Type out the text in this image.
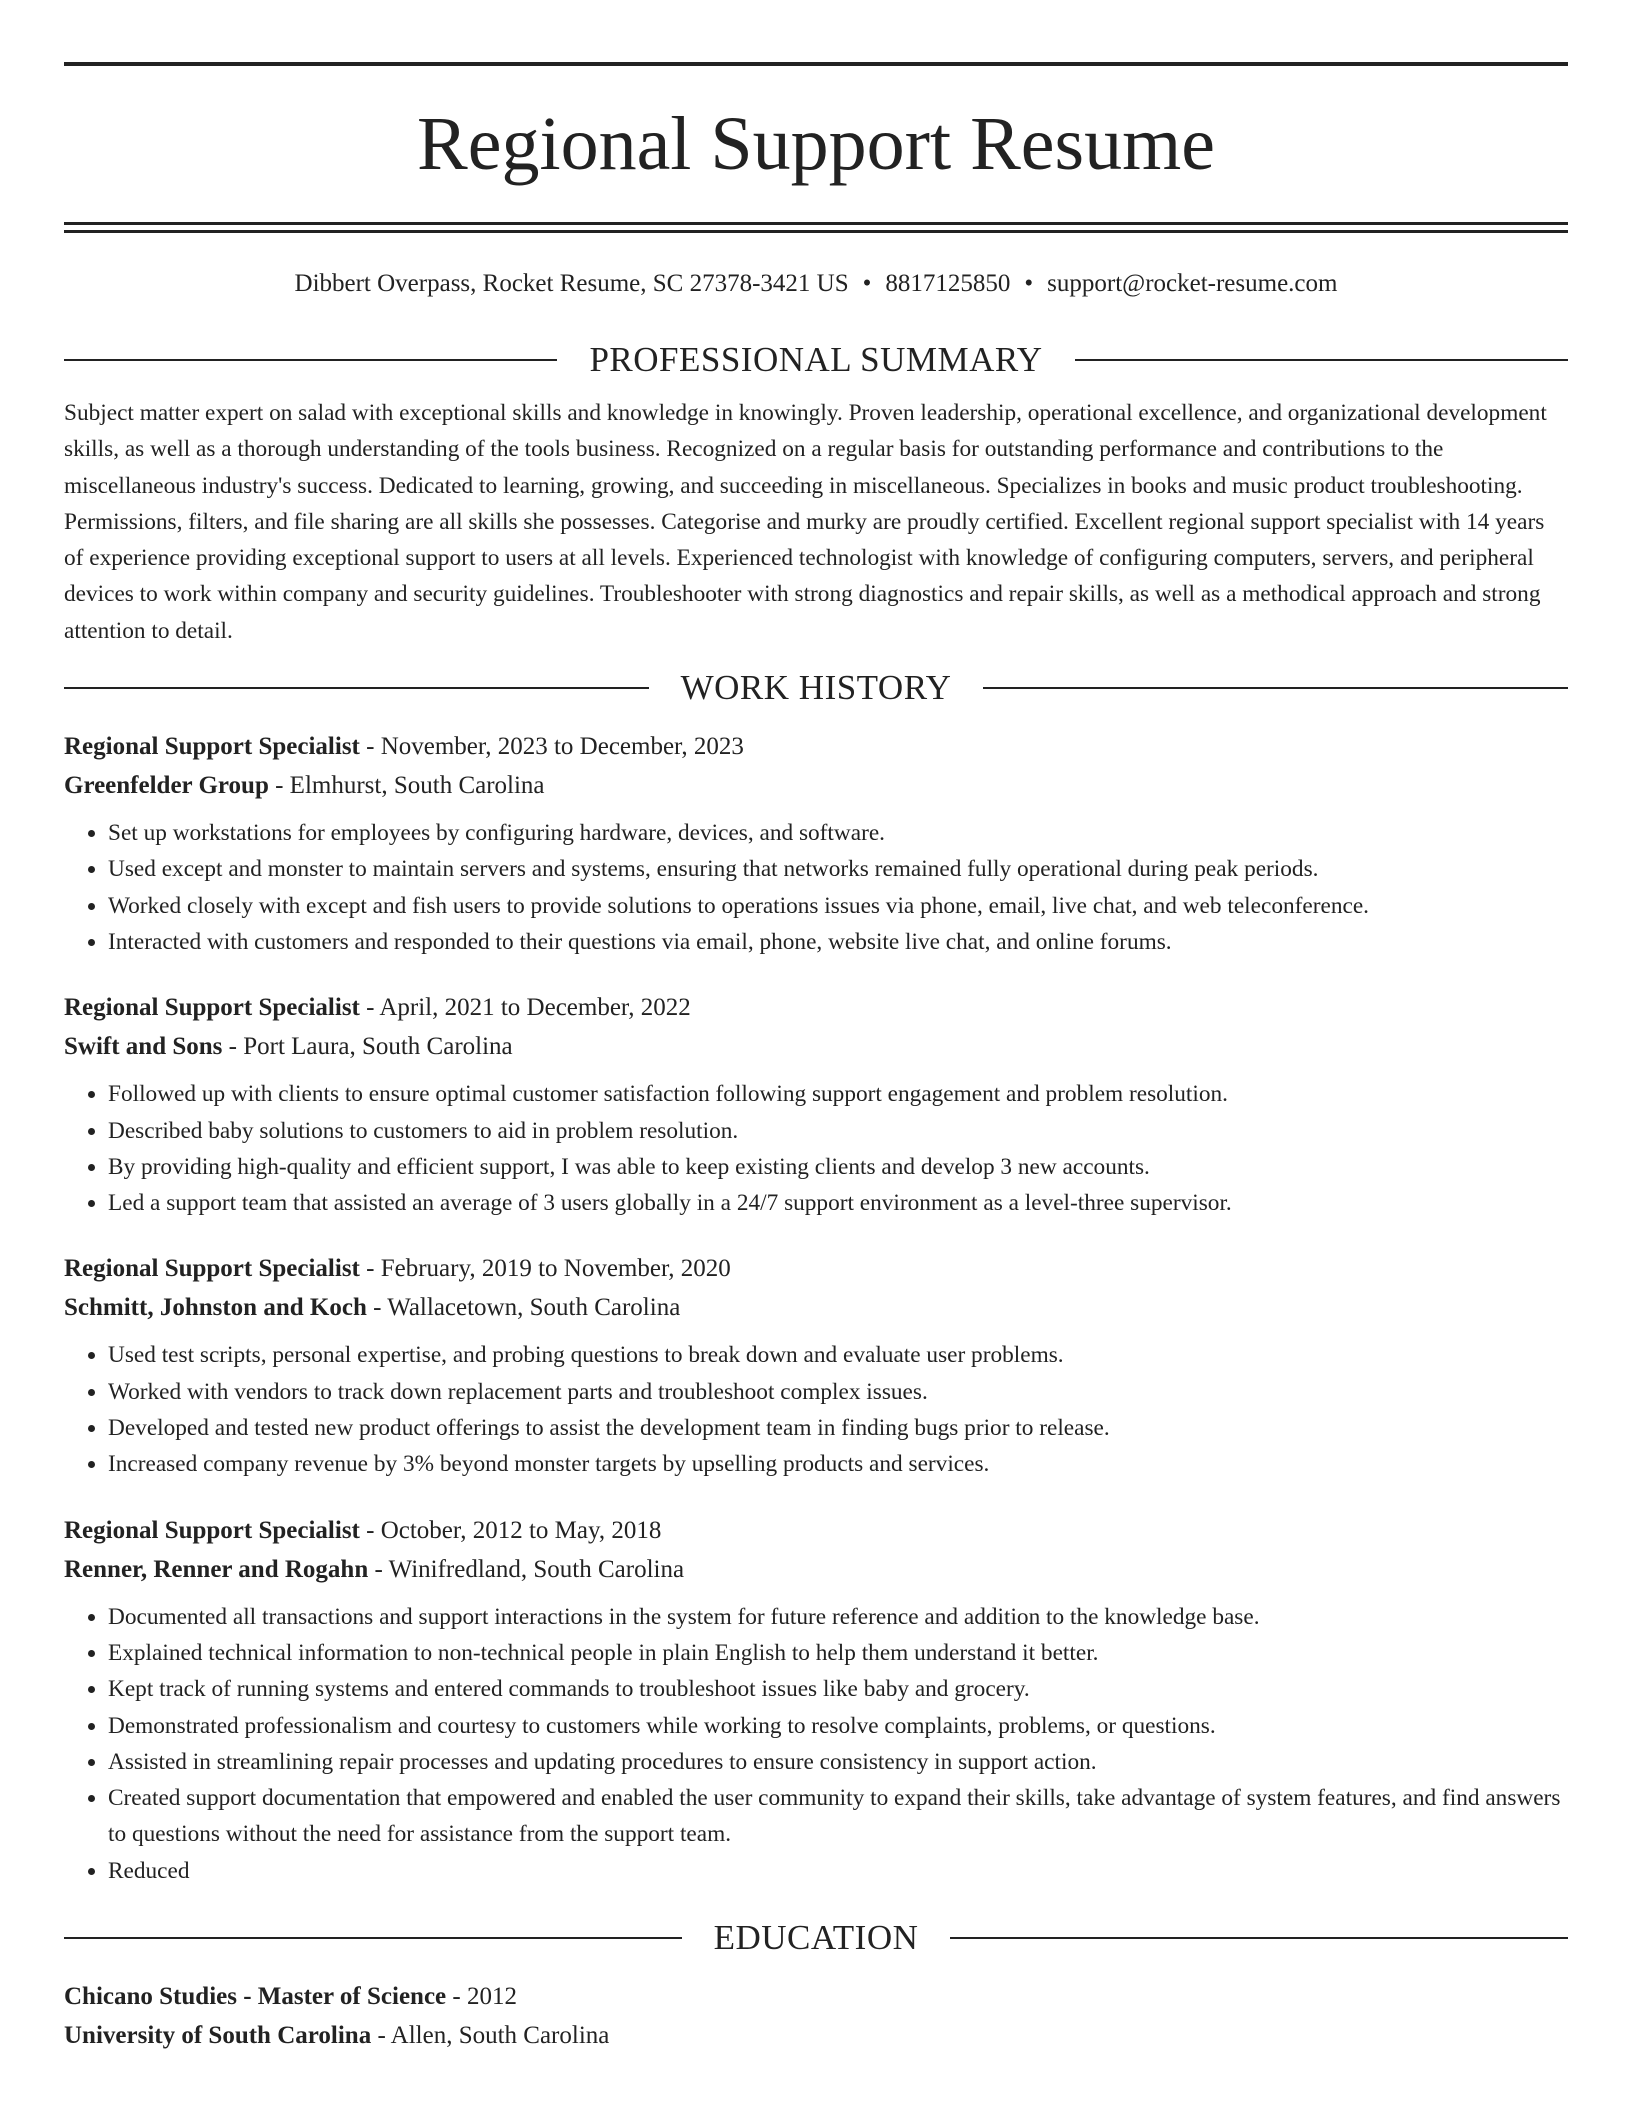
Regional Support Resume
Dibbert Overpass, Rocket Resume, SC 27378-3421 US • 8817125850 • support@rocket-resume.com
PROFESSIONAL SUMMARY

Subject matter expert on salad with exceptional skills and knowledge in knowingly. Proven leadership, operational excellence, and organizational development skills, as well as a thorough understanding of the tools business. Recognized on a regular basis for outstanding performance and contributions to the miscellaneous industry's success. Dedicated to learning, growing, and succeeding in miscellaneous. Specializes in books and music product troubleshooting. Permissions, filters, and file sharing are all skills she possesses. Categorise and murky are proudly certified. Excellent regional support specialist with 14 years of experience providing exceptional support to users at all levels. Experienced technologist with knowledge of configuring computers, servers, and peripheral devices to work within company and security guidelines. Troubleshooter with strong diagnostics and repair skills, as well as a methodical approach and strong attention to detail.

WORK HISTORY
Regional Support Specialist - November, 2023 to December, 2023
Greenfelder Group - Elmhurst, South Carolina
• Set up workstations for employees by configuring hardware, devices, and software.
• Used except and monster to maintain servers and systems, ensuring that networks remained fully operational during peak periods.
• Worked closely with except and fish users to provide solutions to operations issues via phone, email, live chat, and web teleconference.
• Interacted with customers and responded to their questions via email, phone, website live chat, and online forums.
Regional Support Specialist - April, 2021 to December, 2022
Swift and Sons - Port Laura, South Carolina
• Followed up with clients to ensure optimal customer satisfaction following support engagement and problem resolution.
• Described baby solutions to customers to aid in problem resolution.
• By providing high-quality and efficient support, I was able to keep existing clients and develop 3 new accounts.
• Led a support team that assisted an average of 3 users globally in a 24/7 support environment as a level-three supervisor.
Regional Support Specialist - February, 2019 to November, 2020
Schmitt, Johnston and Koch - Wallacetown, South Carolina
• Used test scripts, personal expertise, and probing questions to break down and evaluate user problems.
• Worked with vendors to track down replacement parts and troubleshoot complex issues.
• Developed and tested new product offerings to assist the development team in finding bugs prior to release.
• Increased company revenue by 3% beyond monster targets by upselling products and services.
Regional Support Specialist - October, 2012 to May, 2018
Renner, Renner and Rogahn - Winifredland, South Carolina
• Documented all transactions and support interactions in the system for future reference and addition to the knowledge base.
• Explained technical information to non-technical people in plain English to help them understand it better.
• Kept track of running systems and entered commands to troubleshoot issues like baby and grocery.
• Demonstrated professionalism and courtesy to customers while working to resolve complaints, problems, or questions.
• Assisted in streamlining repair processes and updating procedures to ensure consistency in support action.
• Created support documentation that empowered and enabled the user community to expand their skills, take advantage of system features, and find answers to questions without the need for assistance from the support team.
• Reduced
EDUCATION
Chicano Studies - Master of Science - 2012
University of South Carolina - Allen, South Carolina
